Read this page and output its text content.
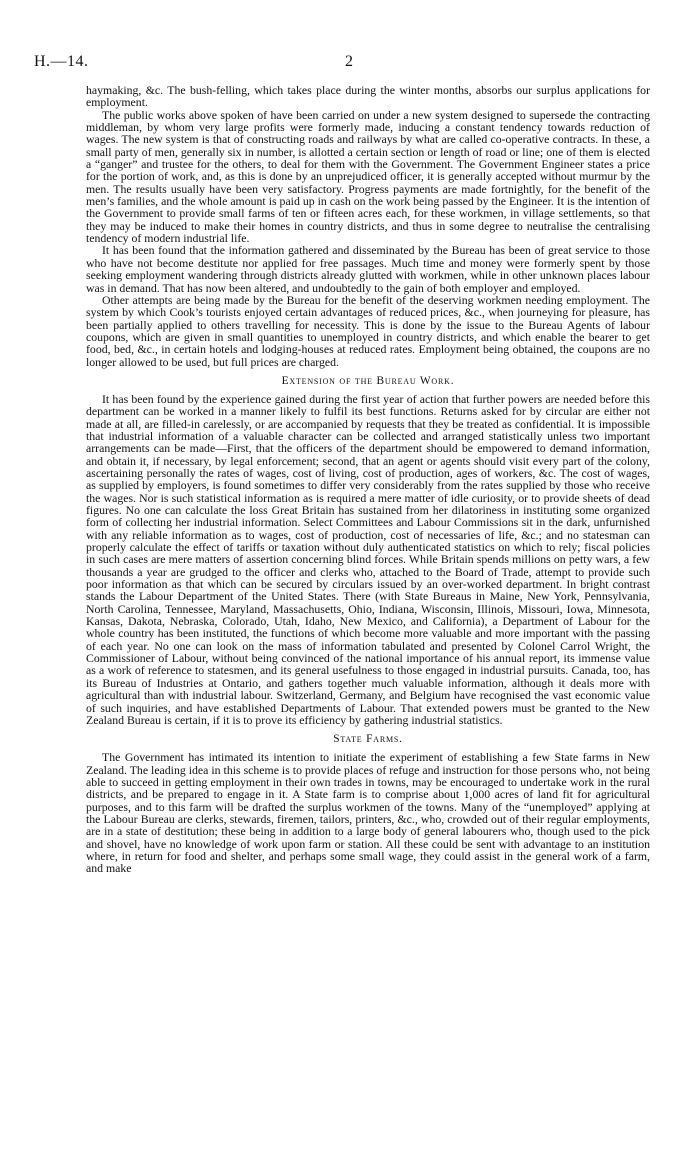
H.—14.	2

haymaking, &c. The bush-felling, which takes place during the winter months, absorbs our surplus applications for employment.

The public works above spoken of have been carried on under a new system designed to supersede the contracting middleman, by whom very large profits were formerly made, inducing a constant tendency towards reduction of wages. The new system is that of constructing roads and railways by what are called co-operative contracts. In these, a small party of men, generally six in number, is allotted a certain section or length of road or line; one of them is elected a “ganger” and trustee for the others, to deal for them with the Government. The Government Engineer states a price for the portion of work, and, as this is done by an unprejudiced officer, it is generally accepted without murmur by the men. The results usually have been very satisfactory. Progress payments are made fortnightly, for the benefit of the men’s families, and the whole amount is paid up in cash on the work being passed by the Engineer. It is the intention of the Government to provide small farms of ten or fifteen acres each, for these workmen, in village settlements, so that they may be induced to make their homes in country districts, and thus in some degree to neutralise the centralising tendency of modern industrial life.

It has been found that the information gathered and disseminated by the Bureau has been of great service to those who have not become destitute nor applied for free passages. Much time and money were formerly spent by those seeking employment wandering through districts already glutted with workmen, while in other unknown places labour was in demand. That has now been altered, and undoubtedly to the gain of both employer and employed.

Other attempts are being made by the Bureau for the benefit of the deserving workmen needing employment. The system by which Cook’s tourists enjoyed certain advantages of reduced prices, &c., when journeying for pleasure, has been partially applied to others travelling for necessity. This is done by the issue to the Bureau Agents of labour coupons, which are given in small quantities to unemployed in country districts, and which enable the bearer to get food, bed, &c., in certain hotels and lodging-houses at reduced rates. Employment being obtained, the coupons are no longer allowed to be used, but full prices are charged.

Extension of the Bureau Work.

It has been found by the experience gained during the first year of action that further powers are needed before this department can be worked in a manner likely to fulfil its best functions. Returns asked for by circular are either not made at all, are filled-in carelessly, or are accompanied by requests that they be treated as confidential. It is impossible that industrial information of a valuable character can be collected and arranged statistically unless two important arrangements can be made—First, that the officers of the department should be empowered to demand information, and obtain it, if necessary, by legal enforcement; second, that an agent or agents should visit every part of the colony, ascertaining personally the rates of wages, cost of living, cost of production, ages of workers, &c. The cost of wages, as supplied by employers, is found sometimes to differ very considerably from the rates supplied by those who receive the wages. Nor is such statistical information as is required a mere matter of idle curiosity, or to provide sheets of dead figures. No one can calculate the loss Great Britain has sustained from her dilatoriness in instituting some organized form of collecting her industrial information. Select Committees and Labour Commissions sit in the dark, unfurnished with any reliable information as to wages, cost of production, cost of necessaries of life, &c.; and no statesman can properly calculate the effect of tariffs or taxation without duly authenticated statistics on which to rely; fiscal policies in such cases are mere matters of assertion concerning blind forces. While Britain spends millions on petty wars, a few thousands a year are grudged to the officer and clerks who, attached to the Board of Trade, attempt to provide such poor information as that which can be secured by circulars issued by an over-worked department. In bright contrast stands the Labour Department of the United States. There (with State Bureaus in Maine, New York, Pennsylvania, North Carolina, Tennessee, Maryland, Massachusetts, Ohio, Indiana, Wisconsin, Illinois, Missouri, Iowa, Minnesota, Kansas, Dakota, Nebraska, Colorado, Utah, Idaho, New Mexico, and California), a Department of Labour for the whole country has been instituted, the functions of which become more valuable and more important with the passing of each year. No one can look on the mass of information tabulated and presented by Colonel Carrol Wright, the Commissioner of Labour, without being convinced of the national importance of his annual report, its immense value as a work of reference to statesmen, and its general usefulness to those engaged in industrial pursuits. Canada, too, has its Bureau of Industries at Ontario, and gathers together much valuable information, although it deals more with agricultural than with industrial labour. Switzerland, Germany, and Belgium have recognised the vast economic value of such inquiries, and have established Departments of Labour. That extended powers must be granted to the New Zealand Bureau is certain, if it is to prove its efficiency by gathering industrial statistics.

State Farms.

The Government has intimated its intention to initiate the experiment of establishing a few State farms in New Zealand. The leading idea in this scheme is to provide places of refuge and instruction for those persons who, not being able to succeed in getting employment in their own trades in towns, may be encouraged to undertake work in the rural districts, and be prepared to engage in it. A State farm is to comprise about 1,000 acres of land fit for agricultural purposes, and to this farm will be drafted the surplus workmen of the towns. Many of the “unemployed” applying at the Labour Bureau are clerks, stewards, firemen, tailors, printers, &c., who, crowded out of their regular employments, are in a state of destitution; these being in addition to a large body of general labourers who, though used to the pick and shovel, have no knowledge of work upon farm or station. All these could be sent with advantage to an institution where, in return for food and shelter, and perhaps some small wage, they could assist in the general work of a farm, and make
